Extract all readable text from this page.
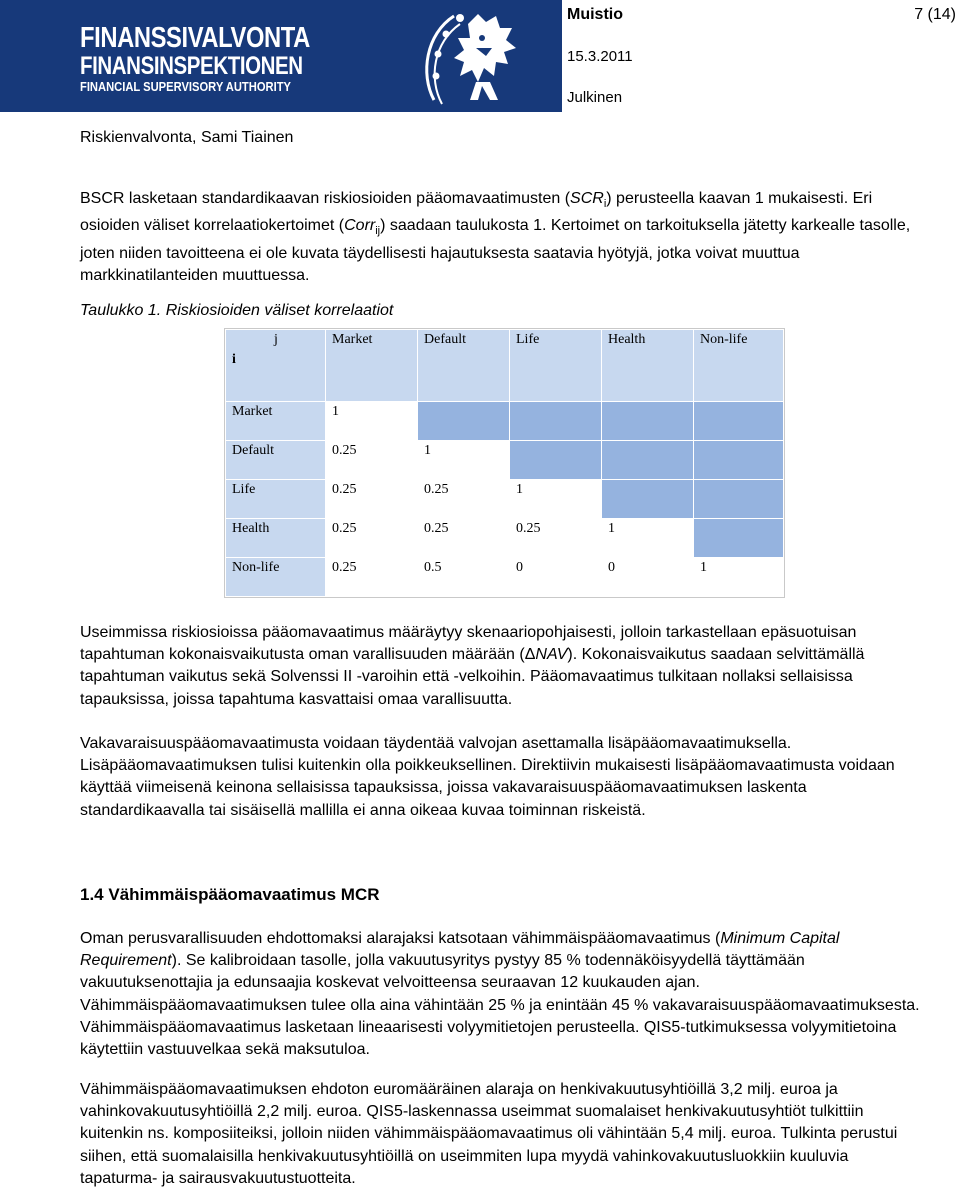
FINANSSIVALVONTA
FINANSINSPEKTIONEN
FINANCIAL SUPERVISORY AUTHORITY
Muistio	7 (14)
15.3.2011
Julkinen
Riskienvalvonta, Sami Tiainen

BSCR lasketaan standardikaavan riskiosioiden pääomavaatimusten $(SCR_i)$ perusteella kaavan 1 mukaisesti. Eri osioiden väliset korrelaatiokertoimet (Corr$_{ij}$) saadaan taulukosta 1. Kertoimet on tarkoituksella jätetty karkealle tasolle, joten niiden tavoitteena ei ole kuvata täydellisesti hajautuksesta saatavia hyötyjä, jotka voivat muuttua markkinatilanteiden muuttuessa.

Taulukko 1. Riskiosioiden väliset korrelaatiot
j
i	Market	Default	Life	Health	Non-life
Market	1				
Default	0.25	1			
Life	0.25	0.25	1		
Health	0.25	0.25	0.25	1	
Non-life	0.25	0.5	0	0	1

Useimmissa riskiosioissa pääomavaatimus määräytyy skenaariopohjaisesti, jolloin tarkastellaan epäsuotuisan tapahtuman kokonaisvaikutusta oman varallisuuden määrään (ΔNAV). Kokonaisvaikutus saadaan selvittämällä tapahtuman vaikutus sekä Solvenssi II -varoihin että -velkoihin. Pääomavaatimus tulkitaan nollaksi sellaisissa tapauksissa, joissa tapahtuma kasvattaisi omaa varallisuutta.

Vakavaraisuuspääomavaatimusta voidaan täydentää valvojan asettamalla lisäpääomavaatimuksella. Lisäpääomavaatimuksen tulisi kuitenkin olla poikkeuksellinen. Direktiivin mukaisesti lisäpääomavaatimusta voidaan käyttää viimeisenä keinona sellaisissa tapauksissa, joissa vakavaraisuuspääomavaatimuksen laskenta standardikaavalla tai sisäisellä mallilla ei anna oikeaa kuvaa toiminnan riskeistä.

1.4 Vähimmäispääomavaatimus MCR

Oman perusvarallisuuden ehdottomaksi alarajaksi katsotaan vähimmäispääomavaatimus (Minimum Capital Requirement). Se kalibroidaan tasolle, jolla vakuutusyritys pystyy 85 % todennäköisyydellä täyttämään vakuutuksenottajia ja edunsaajia koskevat velvoitteensa seuraavan 12 kuukauden ajan. Vähimmäispääomavaatimuksen tulee olla aina vähintään 25 % ja enintään 45 % vakavaraisuuspääomavaatimuksesta. Vähimmäispääomavaatimus lasketaan lineaarisesti volyymitietojen perusteella. QIS5-tutkimuksessa volyymitietoina käytettiin vastuuvelkaa sekä maksutuloa.

Vähimmäispääomavaatimuksen ehdoton euromääräinen alaraja on henkivakuutusyhtiöillä 3,2 milj. euroa ja vahinkovakuutusyhtiöillä 2,2 milj. euroa. QIS5-laskennassa useimmat suomalaiset henkivakuutusyhtiöt tulkittiin kuitenkin ns. komposiiteiksi, jolloin niiden vähimmäispääomavaatimus oli vähintään 5,4 milj. euroa. Tulkinta perustui siihen, että suomalaisilla henkivakuutusyhtiöillä on useimmiten lupa myydä vahinkovakuutusluokkiin kuuluvia tapaturma- ja sairausvakuutustuotteita.
